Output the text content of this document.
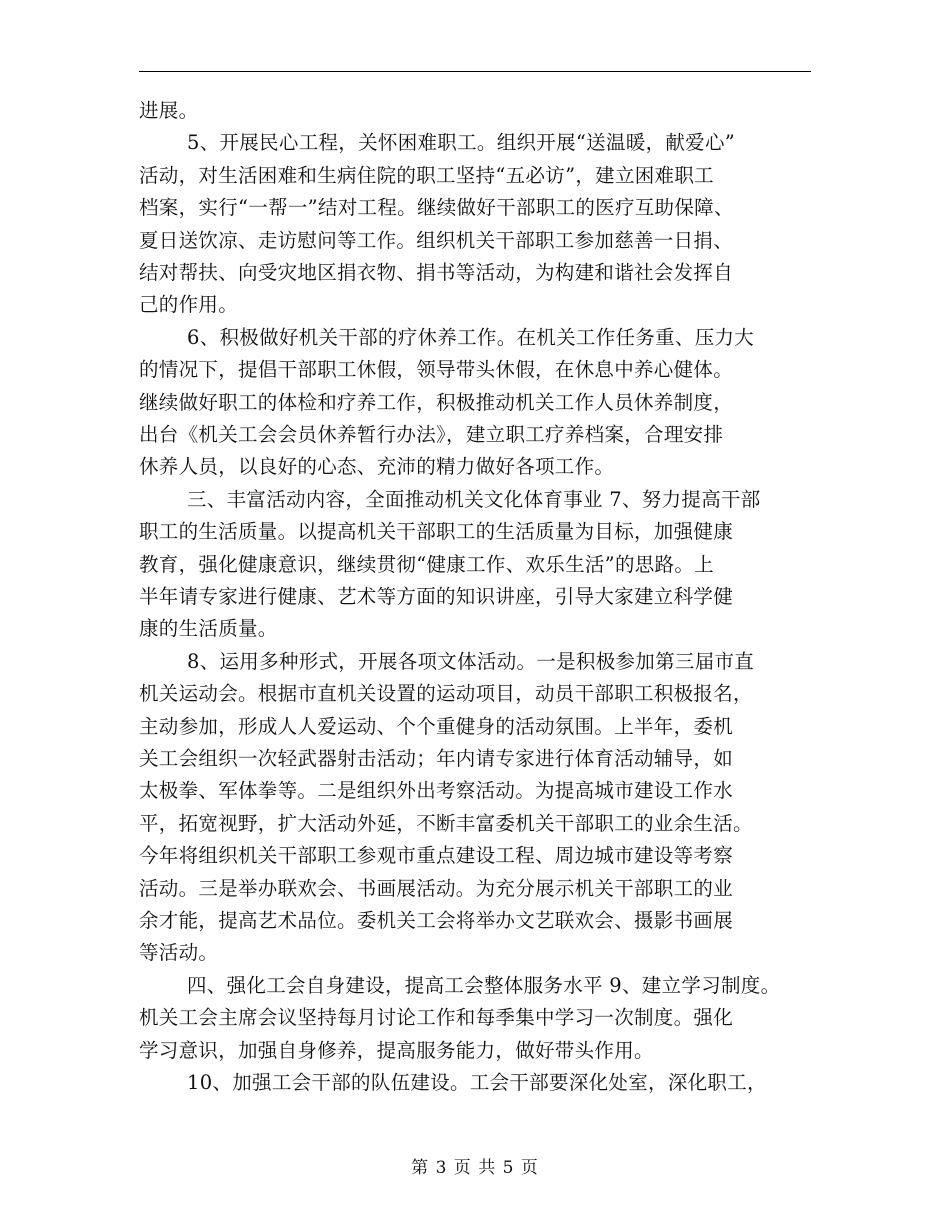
进展。
5、开展民心工程，关怀困难职工。组织开展“送温暖，献爱心”
活动，对生活困难和生病住院的职工坚持“五必访”，建立困难职工
档案，实行“一帮一”结对工程。继续做好干部职工的医疗互助保障、
夏日送饮凉、走访慰问等工作。组织机关干部职工参加慈善一日捐、
结对帮扶、向受灾地区捐衣物、捐书等活动，为构建和谐社会发挥自
己的作用。
6、积极做好机关干部的疗休养工作。在机关工作任务重、压力大
的情况下，提倡干部职工休假，领导带头休假，在休息中养心健体。
继续做好职工的体检和疗养工作，积极推动机关工作人员休养制度，
出台《机关工会会员休养暂行办法》，建立职工疗养档案，合理安排
休养人员，以良好的心态、充沛的精力做好各项工作。
三、丰富活动内容，全面推动机关文化体育事业 7、努力提高干部
职工的生活质量。以提高机关干部职工的生活质量为目标，加强健康
教育，强化健康意识，继续贯彻“健康工作、欢乐生活”的思路。上
半年请专家进行健康、艺术等方面的知识讲座，引导大家建立科学健
康的生活质量。
8、运用多种形式，开展各项文体活动。一是积极参加第三届市直
机关运动会。根据市直机关设置的运动项目，动员干部职工积极报名，
主动参加，形成人人爱运动、个个重健身的活动氛围。上半年，委机
关工会组织一次轻武器射击活动；年内请专家进行体育活动辅导，如
太极拳、军体拳等。二是组织外出考察活动。为提高城市建设工作水
平，拓宽视野，扩大活动外延，不断丰富委机关干部职工的业余生活。
今年将组织机关干部职工参观市重点建设工程、周边城市建设等考察
活动。三是举办联欢会、书画展活动。为充分展示机关干部职工的业
余才能，提高艺术品位。委机关工会将举办文艺联欢会、摄影书画展
等活动。
四、强化工会自身建设，提高工会整体服务水平 9、建立学习制度。
机关工会主席会议坚持每月讨论工作和每季集中学习一次制度。强化
学习意识，加强自身修养，提高服务能力，做好带头作用。
10、加强工会干部的队伍建设。工会干部要深化处室，深化职工，
第 3 页 共 5 页
